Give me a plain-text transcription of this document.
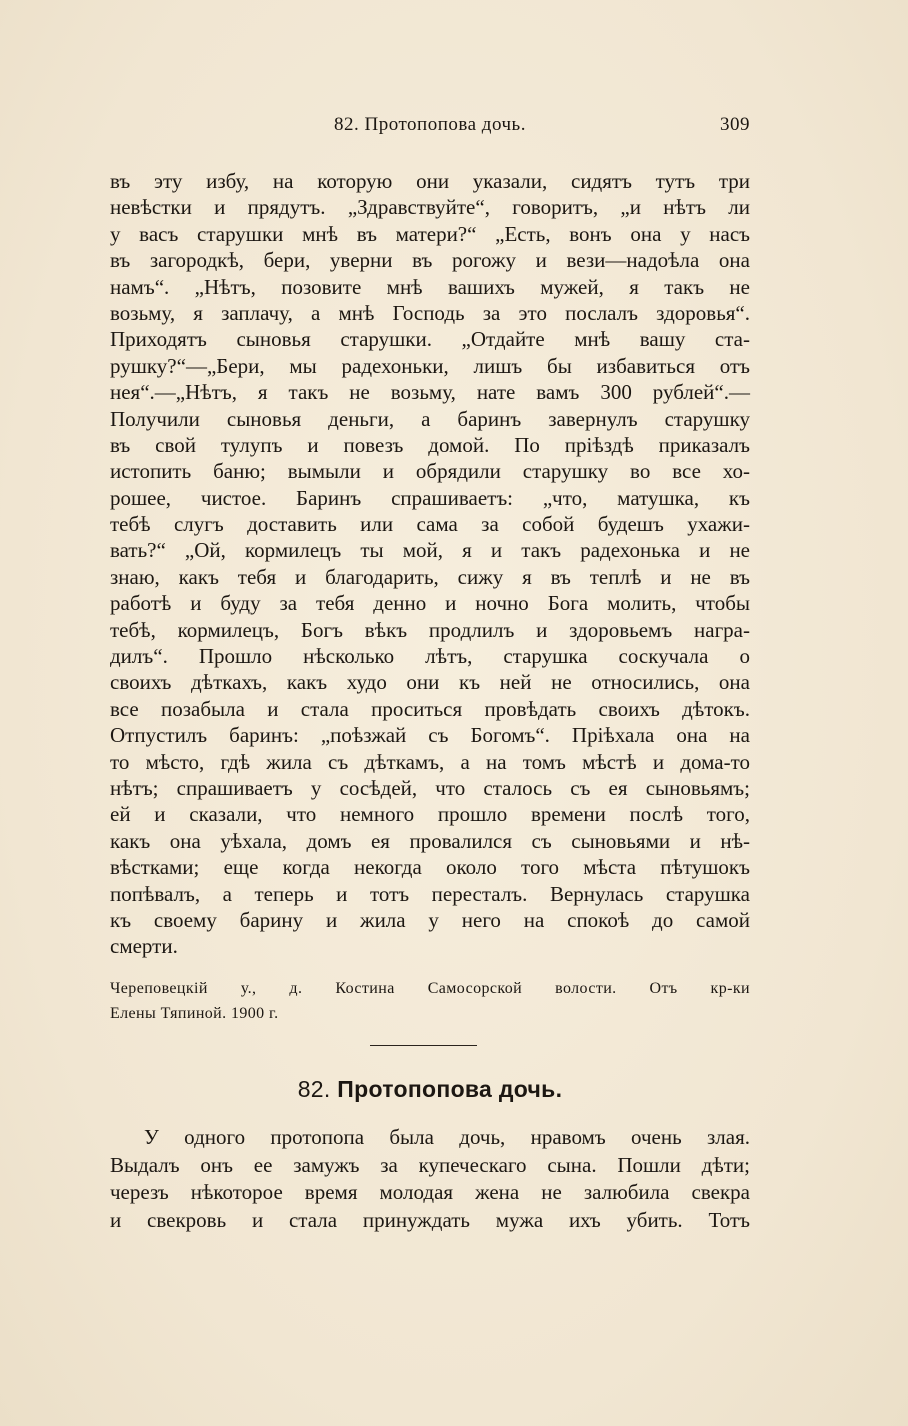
82. Протопопова дочь.	309
въ эту избу, на которую они указали, сидятъ тутъ три
невѣстки и прядутъ. „Здравствуйте“, говоритъ, „и нѣтъ ли
у васъ старушки мнѣ въ матери?“ „Есть, вонъ она у насъ
въ загородкѣ, бери, уверни въ рогожу и вези—надоѣла она
намъ“. „Нѣтъ, позовите мнѣ вашихъ мужей, я такъ не
возьму, я заплачу, а мнѣ Господь за это послалъ здоровья“.
Приходятъ сыновья старушки. „Отдайте мнѣ вашу ста-
рушку?“—„Бери, мы радехоньки, лишъ бы избавиться отъ
нея“.—„Нѣтъ, я такъ не возьму, нате вамъ 300 рублей“.—
Получили сыновья деньги, а баринъ завернулъ старушку
въ свой тулупъ и повезъ домой. По пріѣздѣ приказалъ
истопить баню; вымыли и обрядили старушку во все хо-
рошее, чистое. Баринъ спрашиваетъ: „что, матушка, къ
тебѣ слугъ доставить или сама за собой будешъ ухажи-
вать?“ „Ой, кормилецъ ты мой, я и такъ радехонька и не
знаю, какъ тебя и благодарить, сижу я въ теплѣ и не въ
работѣ и буду за тебя денно и ночно Бога молить, чтобы
тебѣ, кормилецъ, Богъ вѣкъ продлилъ и здоровьемъ награ-
дилъ“. Прошло нѣсколько лѣтъ, старушка соскучала о
своихъ дѣткахъ, какъ худо они къ ней не относились, она
все позабыла и стала проситься провѣдать своихъ дѣтокъ.
Отпустилъ баринъ: „поѣзжай съ Богомъ“. Пріѣхала она на
то мѣсто, гдѣ жила съ дѣткамъ, а на томъ мѣстѣ и дома-то
нѣтъ; спрашиваетъ у сосѣдей, что сталось съ ея сыновьямъ;
ей и сказали, что немного прошло времени послѣ того,
какъ она уѣхала, домъ ея провалился съ сыновьями и нѣ-
вѣстками; еще когда некогда около того мѣста пѣтушокъ
попѣвалъ, а теперь и тотъ пересталъ. Вернулась старушка
къ своему барину и жила у него на спокоѣ до самой
смерти.
Череповецкій у., д. Костина Самосорской волости. Отъ кр-ки
Елены Тяпиной. 1900 г.
82. Протопопова дочь.
У одного протопопа была дочь, нравомъ очень злая.
Выдалъ онъ ее замужъ за купеческаго сына. Пошли дѣти;
черезъ нѣкоторое время молодая жена не залюбила свекра
и свекровь и стала принуждать мужа ихъ убить. Тотъ
